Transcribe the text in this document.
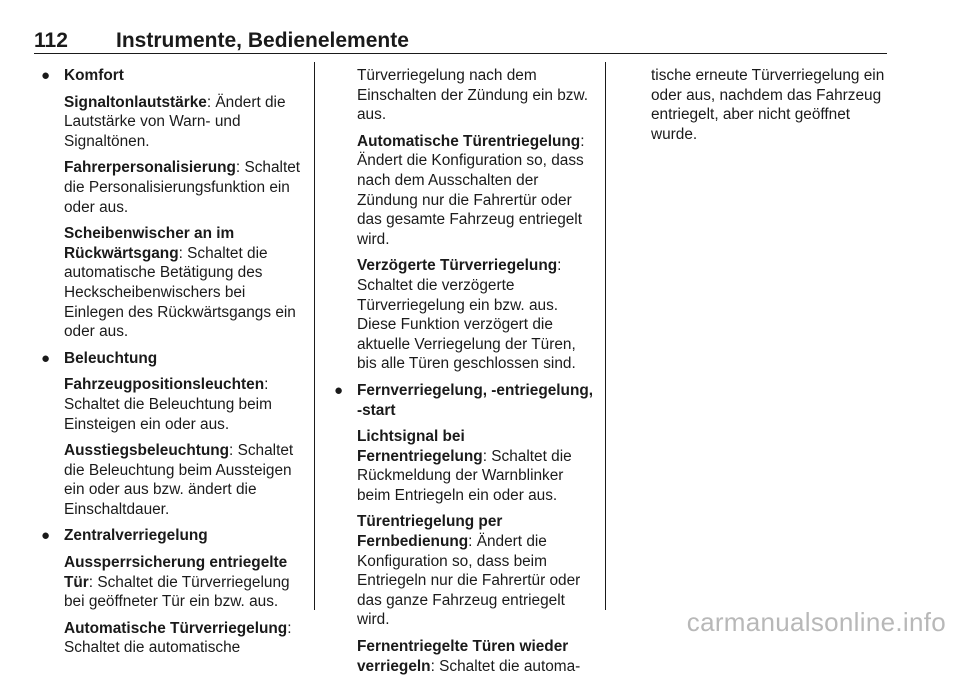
112 Instrumente, Bedienelemente
● Komfort
Signaltonlautstärke: Ändert die Lautstärke von Warn- und Signaltönen.
Fahrerpersonalisierung: Schaltet die Personalisierungsfunktion ein oder aus.
Scheibenwischer an im Rückwärtsgang: Schaltet die automatische Betätigung des Heckscheibenwischers bei Einlegen des Rückwärtsgangs ein oder aus.
● Beleuchtung
Fahrzeugpositionsleuchten: Schaltet die Beleuchtung beim Einsteigen ein oder aus.
Ausstiegsbeleuchtung: Schaltet die Beleuchtung beim Aussteigen ein oder aus bzw. ändert die Einschaltdauer.
● Zentralverriegelung
Aussperrsicherung entriegelte Tür: Schaltet die Türverriegelung bei geöffneter Tür ein bzw. aus.
Automatische Türverriegelung: Schaltet die automatische
Türverriegelung nach dem Einschalten der Zündung ein bzw. aus.
Automatische Türentriegelung: Ändert die Konfiguration so, dass nach dem Ausschalten der Zündung nur die Fahrertür oder das gesamte Fahrzeug entriegelt wird.
Verzögerte Türverriegelung: Schaltet die verzögerte Türverriegelung ein bzw. aus. Diese Funktion verzögert die aktuelle Verriegelung der Türen, bis alle Türen geschlossen sind.
● Fernverriegelung, -entriegelung, -start
Lichtsignal bei Fernentriegelung: Schaltet die Rückmeldung der Warnblinker beim Entriegeln ein oder aus.
Türentriegelung per Fernbedienung: Ändert die Konfiguration so, dass beim Entriegeln nur die Fahrertür oder das ganze Fahrzeug entriegelt wird.
Fernentriegelte Türen wieder verriegeln: Schaltet die automa-
tische erneute Türverriegelung ein oder aus, nachdem das Fahrzeug entriegelt, aber nicht geöffnet wurde.
carmanualsonline.info
